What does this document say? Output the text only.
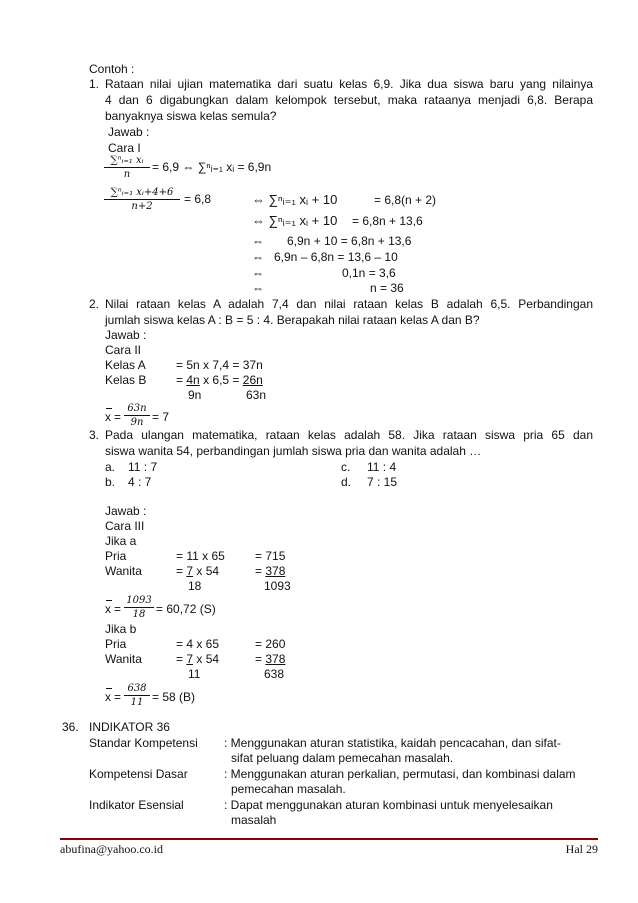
Contoh :
1. Rataan nilai ujian matematika dari suatu kelas 6,9. Jika dua siswa baru yang nilainya
4 dan 6 digabungkan dalam kelompok tersebut, maka rataanya menjadi 6,8. Berapa
banyaknya siswa kelas semula?
Jawab :
Cara I
$\frac{\text{∑ⁿᵢ₌₁ xᵢ}}{n} = 6,9$ ⇔ ∑ⁿᵢ₌₁ xᵢ = 6,9n
$\frac{\text{∑ⁿᵢ₌₁ xᵢ+4+6}}{n+2} = 6,8$	⇔ ∑ⁿᵢ₌₁ xᵢ + 10	= 6,8(n + 2)
⇔ ∑ⁿᵢ₌₁ xᵢ + 10 = 6,8n + 13,6
⇔ 6,9n + 10 = 6,8n + 13,6
⇔ 6,9n – 6,8n = 13,6 – 10
⇔	0,1n = 3,6
⇔	n = 36
2. Nilai rataan kelas A adalah 7,4 dan nilai rataan kelas B adalah 6,5. Perbandingan
jumlah siswa kelas A : B = 5 : 4. Berapakah nilai rataan kelas A dan B?
Jawab :
Cara II
Kelas A	= 5n x 7,4 = 37n
Kelas B = 4n x 6,5 = 26n
9n	63n
$x = \frac{63n}{9n} = 7$
3. Pada ulangan matematika, rataan kelas adalah 58. Jika rataan siswa pria 65 dan
siswa wanita 54, perbandingan jumlah siswa pria dan wanita adalah …
a. 11 : 7
b. 4 : 7
c. 11 : 4
d. 7 : 15
Jawab :
Cara III
Jika a
Pria	= 11 x 65	= 715
Wanita	= 7 x 54	= 378
18	1093
$x = \frac{1093}{18} = 60,72$ (S)
Jika b
Pria	= 4 x 65	= 260
Wanita	= 7 x 54	= 378
11	638
$x = \frac{638}{11} = 58$ (B)
36. INDIKATOR 36
Standar Kompetensi : Menggunakan aturan statistika, kaidah pencacahan, dan sifat-
sifat peluang dalam pemecahan masalah.
Kompetensi Dasar	: Menggunakan aturan perkalian, permutasi, dan kombinasi dalam
pemecahan masalah.
Indikator Esensial	: Dapat menggunakan aturan kombinasi untuk menyelesaikan
masalah
abufina@yahoo.co.id	Hal 29
